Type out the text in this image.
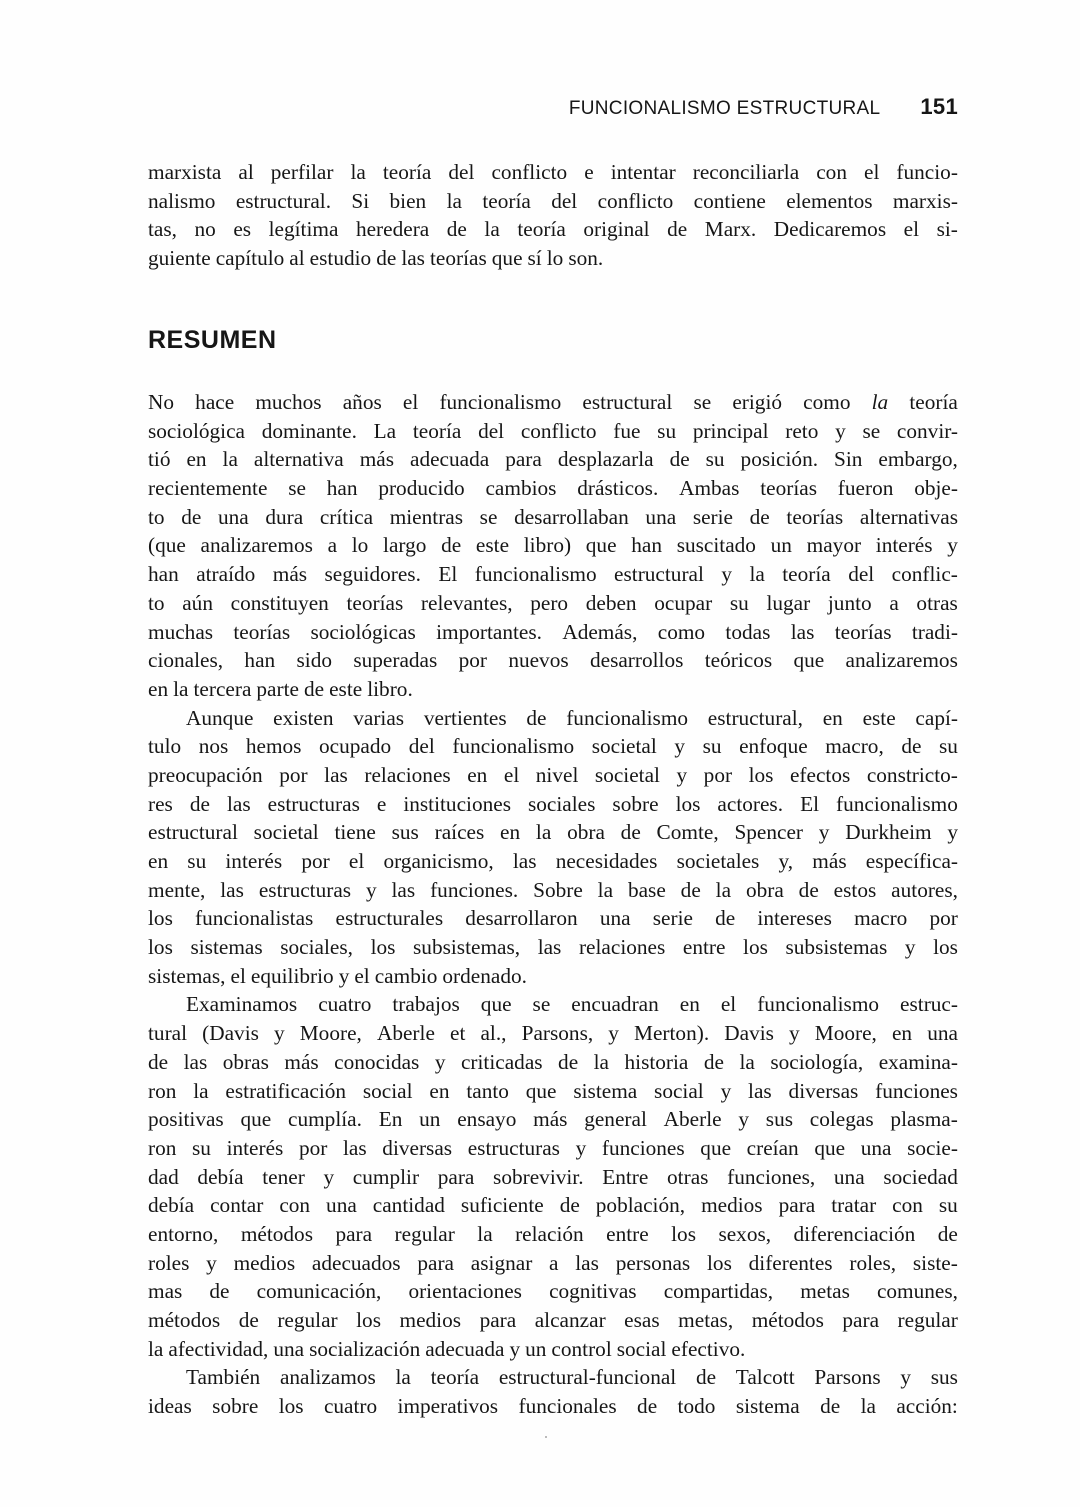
FUNCIONALISMO ESTRUCTURAL 151
marxista al perfilar la teoría del conflicto e intentar reconciliarla con el funcio-
nalismo estructural. Si bien la teoría del conflicto contiene elementos marxis-
tas, no es legítima heredera de la teoría original de Marx. Dedicaremos el si-
guiente capítulo al estudio de las teorías que sí lo son.
RESUMEN
No hace muchos años el funcionalismo estructural se erigió como la teoría
sociológica dominante. La teoría del conflicto fue su principal reto y se convir-
tió en la alternativa más adecuada para desplazarla de su posición. Sin embargo,
recientemente se han producido cambios drásticos. Ambas teorías fueron obje-
to de una dura crítica mientras se desarrollaban una serie de teorías alternativas
(que analizaremos a lo largo de este libro) que han suscitado un mayor interés y
han atraído más seguidores. El funcionalismo estructural y la teoría del conflic-
to aún constituyen teorías relevantes, pero deben ocupar su lugar junto a otras
muchas teorías sociológicas importantes. Además, como todas las teorías tradi-
cionales, han sido superadas por nuevos desarrollos teóricos que analizaremos
en la tercera parte de este libro.
Aunque existen varias vertientes de funcionalismo estructural, en este capí-
tulo nos hemos ocupado del funcionalismo societal y su enfoque macro, de su
preocupación por las relaciones en el nivel societal y por los efectos constricto-
res de las estructuras e instituciones sociales sobre los actores. El funcionalismo
estructural societal tiene sus raíces en la obra de Comte, Spencer y Durkheim y
en su interés por el organicismo, las necesidades societales y, más específica-
mente, las estructuras y las funciones. Sobre la base de la obra de estos autores,
los funcionalistas estructurales desarrollaron una serie de intereses macro por
los sistemas sociales, los subsistemas, las relaciones entre los subsistemas y los
sistemas, el equilibrio y el cambio ordenado.
Examinamos cuatro trabajos que se encuadran en el funcionalismo estruc-
tural (Davis y Moore, Aberle et al., Parsons, y Merton). Davis y Moore, en una
de las obras más conocidas y criticadas de la historia de la sociología, examina-
ron la estratificación social en tanto que sistema social y las diversas funciones
positivas que cumplía. En un ensayo más general Aberle y sus colegas plasma-
ron su interés por las diversas estructuras y funciones que creían que una socie-
dad debía tener y cumplir para sobrevivir. Entre otras funciones, una sociedad
debía contar con una cantidad suficiente de población, medios para tratar con su
entorno, métodos para regular la relación entre los sexos, diferenciación de
roles y medios adecuados para asignar a las personas los diferentes roles, siste-
mas de comunicación, orientaciones cognitivas compartidas, metas comunes,
métodos de regular los medios para alcanzar esas metas, métodos para regular
la afectividad, una socialización adecuada y un control social efectivo.
También analizamos la teoría estructural-funcional de Talcott Parsons y sus
ideas sobre los cuatro imperativos funcionales de todo sistema de la acción:
